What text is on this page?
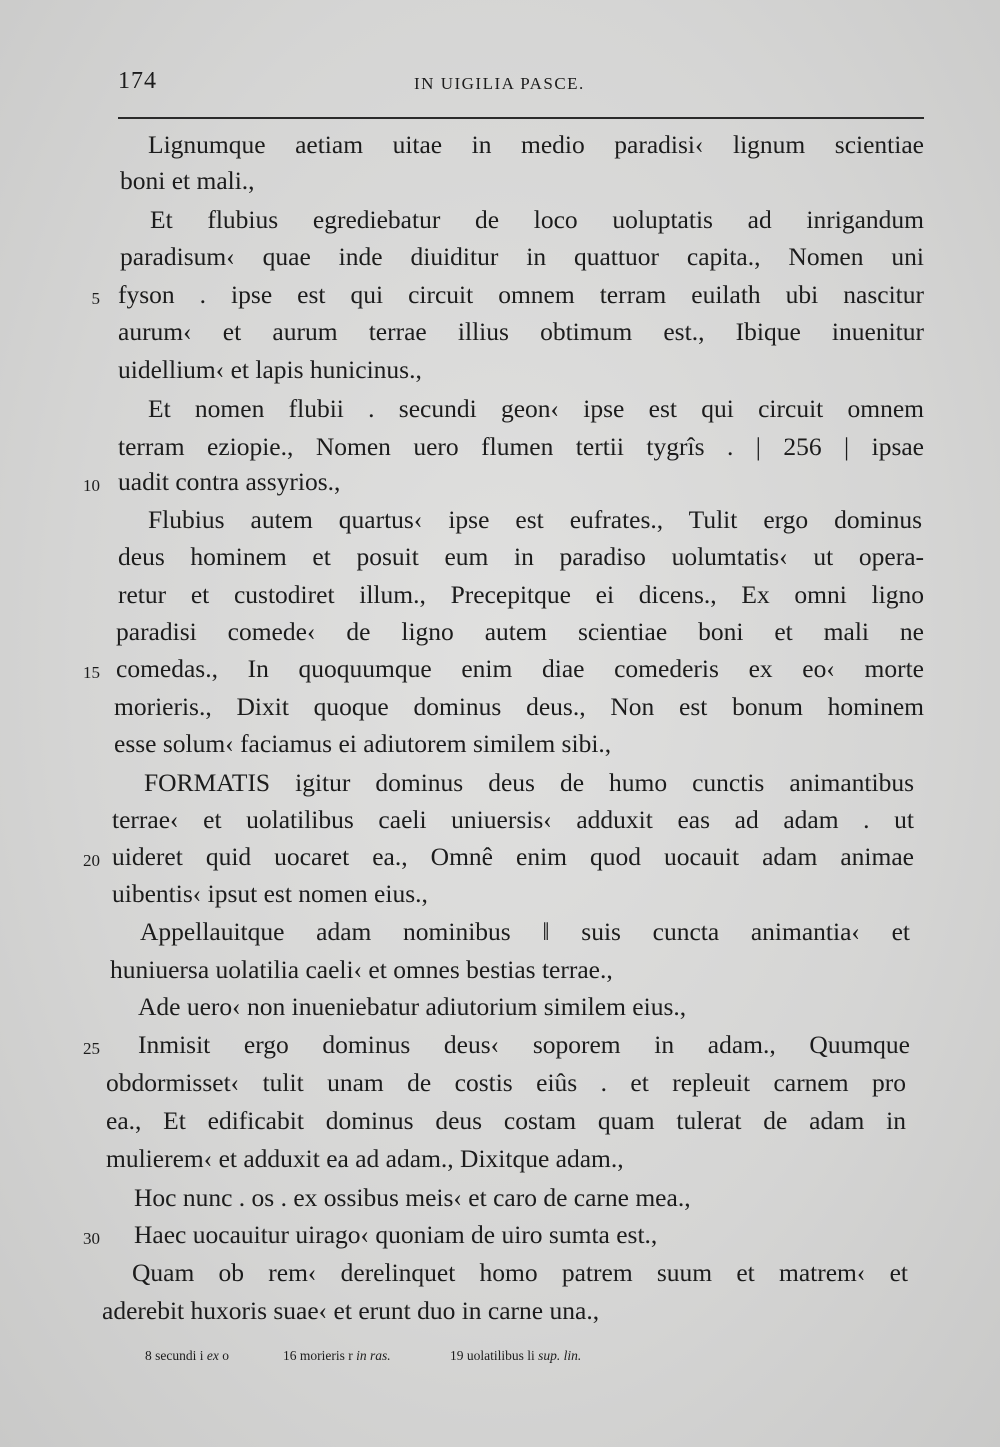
174	IN UIGILIA PASCE.
Lignumque aetiam uitae in medio paradisi‹ lignum scientiae
boni et mali.,
Et flubius egrediebatur de loco uoluptatis ad inrigandum
paradisum‹ quae inde diuiditur in quattuor capita., Nomen uni
5 fyson . ipse est qui circuit omnem terram euilath ubi nascitur
aurum‹ et aurum terrae illius obtimum est., Ibique inuenitur
uidellium‹ et lapis hunicinus.,
Et nomen flubii . secundi geon‹ ipse est qui circuit omnem
terram eziopie., Nomen uero flumen tertii tygrîs . | 256 | ipsae
10 uadit contra assyrios.,
Flubius autem quartus‹ ipse est eufrates., Tulit ergo dominus
deus hominem et posuit eum in paradiso uolumtatis‹ ut opera-
retur et custodiret illum., Precepitque ei dicens., Ex omni ligno
paradisi comede‹ de ligno autem scientiae boni et mali ne
15 comedas., In quoquumque enim diae comederis ex eo‹ morte
morieris., Dixit quoque dominus deus., Non est bonum hominem
esse solum‹ faciamus ei adiutorem similem sibi.,
FORMATIS igitur dominus deus de humo cunctis animantibus
terrae‹ et uolatilibus caeli uniuersis‹ adduxit eas ad adam . ut
20 uideret quid uocaret ea., Omnê enim quod uocauit adam animae
uibentis‹ ipsut est nomen eius.,
Appellauitque adam nominibus ‖ suis cuncta animantia‹ et
huniuersa uolatilia caeli‹ et omnes bestias terrae.,
Ade uero‹ non inueniebatur adiutorium similem eius.,
25 Inmisit ergo dominus deus‹ soporem in adam., Quumque
obdormisset‹ tulit unam de costis eiûs . et repleuit carnem pro
ea., Et edificabit dominus deus costam quam tulerat de adam in
mulierem‹ et adduxit ea ad adam., Dixitque adam.,
Hoc nunc . os . ex ossibus meis‹ et caro de carne mea.,
30 Haec uocauitur uirago‹ quoniam de uiro sumta est.,
Quam ob rem‹ derelinquet homo patrem suum et matrem‹ et
aderebit huxoris suae‹ et erunt duo in carne una.,
8 secundi i ex o	16 morieris r in ras.	19 uolatilibus li sup. lin.
